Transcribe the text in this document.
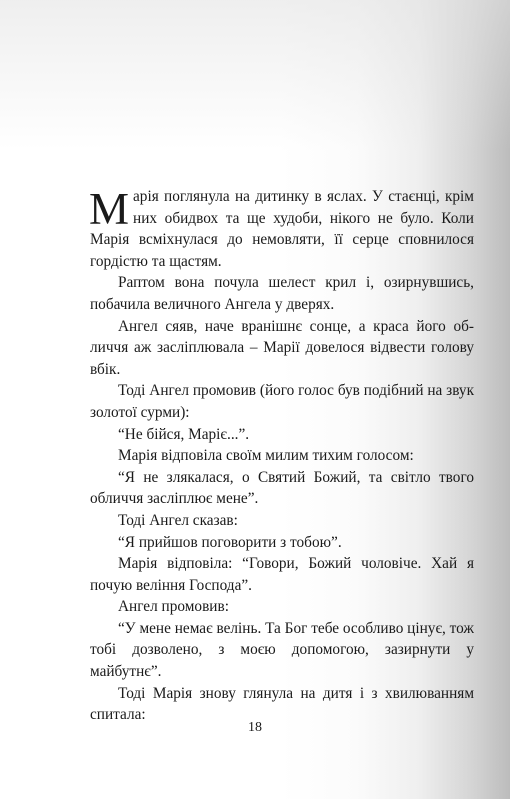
Марія поглянула на дитинку в яслах. У стаєнці, крім них обидвох та ще худоби, нікого не було. Коли Марія всміхнулася до немовляти, її серце сповнилося гордістю та щастям.

Раптом вона почула шелест крил і, озирнувшись, побачила величного Ангела у дверях.

Ангел сяяв, наче вранішнє сонце, а краса його обличчя аж засліплювала – Марії довелося відвести голову вбік.

Тоді Ангел промовив (його голос був подібний на звук золотої сурми):

“Не бійся, Маріє...”.

Марія відповіла своїм милим тихим голосом:

“Я не злякалася, о Святий Божий, та світло твого обличчя засліплює мене”.

Тоді Ангел сказав:

“Я прийшов поговорити з тобою”.

Марія відповіла: “Говори, Божий чоловіче. Хай я почую веління Господа”.

Ангел промовив:

“У мене немає велінь. Та Бог тебе особливо цінує, тож тобі дозволено, з моєю допомогою, зазирнути у майбутнє”.

Тоді Марія знову глянула на дитя і з хвилюванням спитала:

18
